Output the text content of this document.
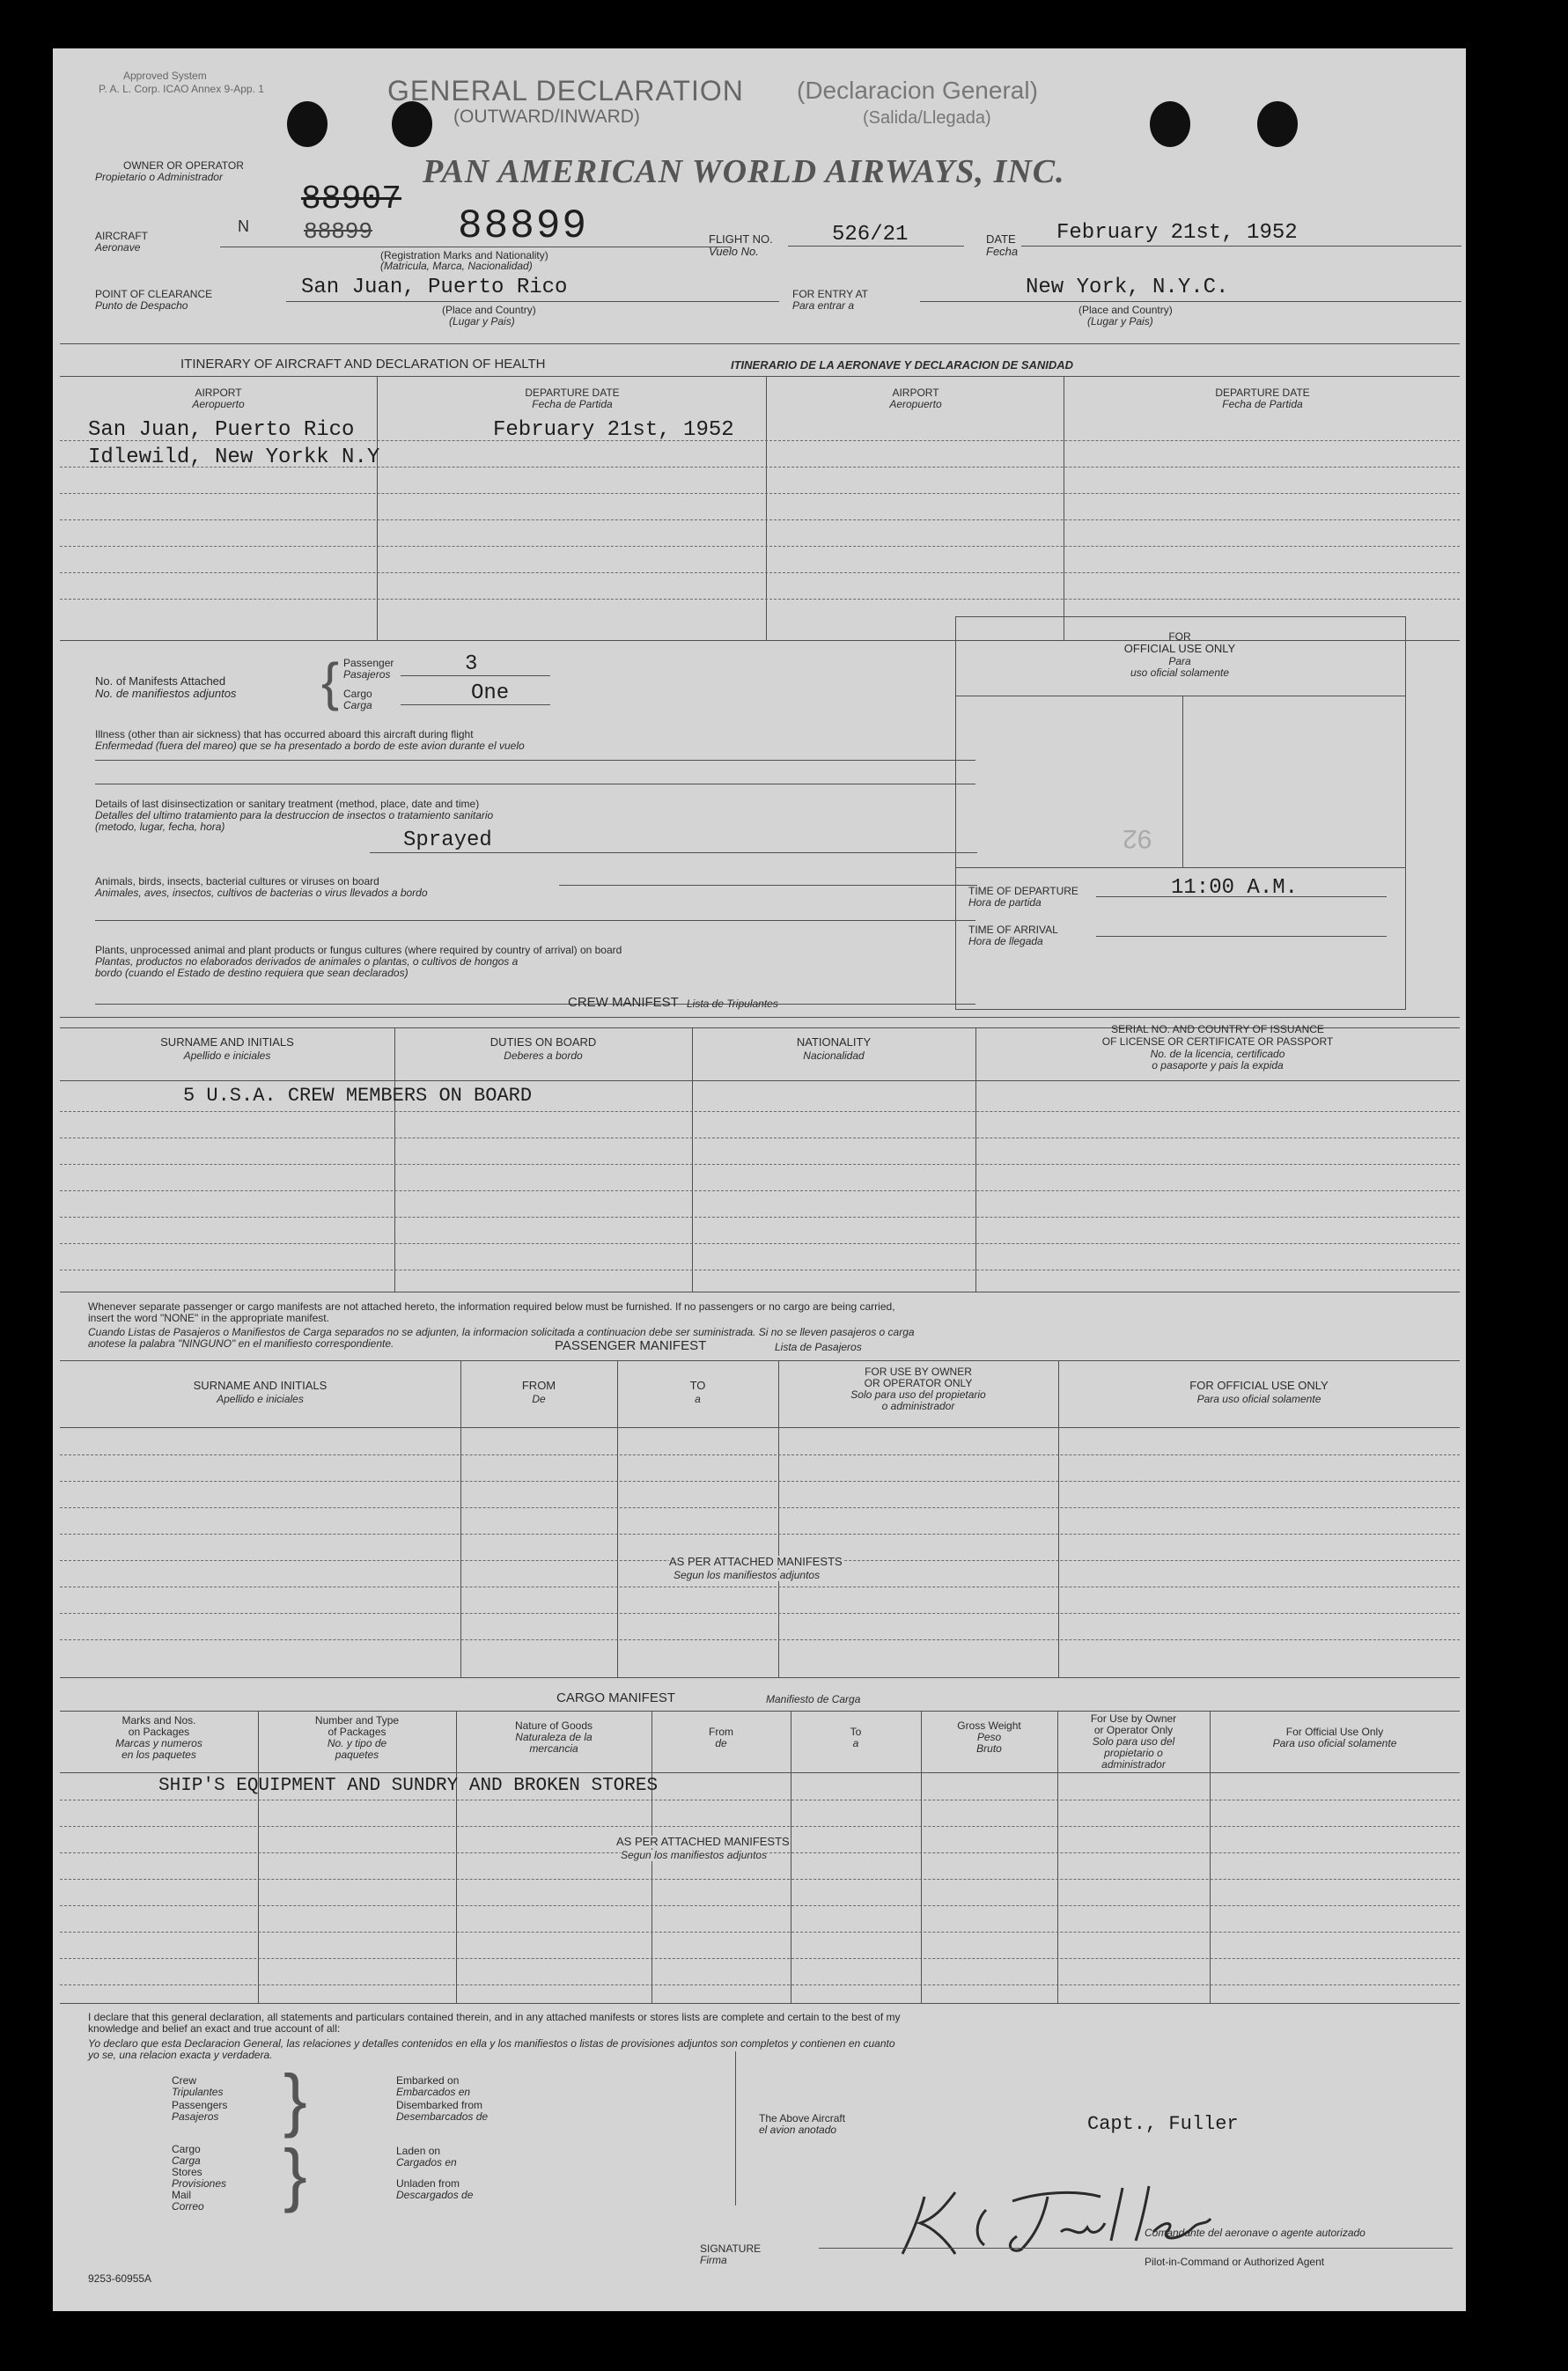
Approved System
P. A. L. Corp. ICAO Annex 9-App. 1	GENERAL DECLARATION (Declaracion General)
(OUTWARD/INWARD)	(Salida/Llegada)
OWNER OR OPERATOR
Propietario o Administrador	PAN AMERICAN WORLD AIRWAYS, INC.
AIRCRAFT
Aeronave
N
88907
88899 88899
(Registration Marks and Nationality)
(Matricula, Marca, Nacionalidad)
FLIGHT NO.
Vuelo No.
526/21	DATE
Fecha
February 21st, 1952
POINT OF CLEARANCE
Punto de Despacho
San Juan, Puerto Rico
(Place and Country)
(Lugar y Pais)
FOR ENTRY AT
Para entrar a
New York, N.Y.C.
(Place and Country)
(Lugar y Pais)
ITINERARY OF AIRCRAFT AND DECLARATION OF HEALTH	ITINERARIO DE LA AERONAVE Y DECLARACION DE SANIDAD
AIRPORT
Aeropuerto
DEPARTURE DATE
Fecha de Partida
AIRPORT
Aeropuerto
DEPARTURE DATE
Fecha de Partida
San Juan, Puerto Rico	February 21st, 1952
Idlewild, New Yorkk N.Y
No. of Manifests Attached
No. de manifiestos adjuntos { Passenger
Pasajeros	3
Cargo
Carga	One
Illness (other than air sickness) that has occurred aboard this aircraft during flight
Enfermedad (fuera del mareo) que se ha presentado a bordo de este avion durante el vuelo
Details of last disinsectization or sanitary treatment (method, place, date and time)
Detalles del ultimo tratamiento para la destruccion de insectos o tratamiento sanitario
(metodo, lugar, fecha, hora)
Sprayed
Animals, birds, insects, bacterial cultures or viruses on board
Animales, aves, insectos, cultivos de bacterias o virus llevados a bordo
Plants, unprocessed animal and plant products or fungus cultures (where required by country of arrival) on board
Plantas, productos no elaborados derivados de animales o plantas, o cultivos de hongos a
bordo (cuando el Estado de destino requiera que sean declarados)
FOR
OFFICIAL USE ONLY
Para
uso oficial solamente
92
TIME OF DEPARTURE
Hora de partida
11:00 A.M.
TIME OF ARRIVAL
Hora de llegada
CREW MANIFEST Lista de Tripulantes
SURNAME AND INITIALS
Apellido e iniciales
DUTIES ON BOARD
Deberes a bordo
NATIONALITY
Nacionalidad
SERIAL NO. AND COUNTRY OF ISSUANCE
OF LICENSE OR CERTIFICATE OR PASSPORT
No. de la licencia, certificado
o pasaporte y pais la expida
5 U.S.A. CREW MEMBERS ON BOARD
Whenever separate passenger or cargo manifests are not attached hereto, the information required below must be furnished. If no passengers or no cargo are being carried,
insert the word "NONE" in the appropriate manifest.
Cuando Listas de Pasajeros o Manifiestos de Carga separados no se adjunten, la informacion solicitada a continuacion debe ser suministrada. Si no se lleven pasajeros o carga
anotese la palabra "NINGUNO" en el manifiesto correspondiente.	PASSENGER MANIFEST	Lista de Pasajeros
SURNAME AND INITIALS
Apellido e iniciales
FROM
De
TO
a
FOR USE BY OWNER
OR OPERATOR ONLY
Solo para uso del propietario
o administrador
FOR OFFICIAL USE ONLY
Para uso oficial solamente
AS PER ATTACHED MANIFESTS
Segun los manifiestos adjuntos
CARGO MANIFEST	Manifiesto de Carga
Marks and Nos.
on Packages
Marcas y numeros
en los paquetes
Number and Type
of Packages
No. y tipo de
paquetes
Nature of Goods
Naturaleza de la
mercancia
From
de
To
a
Gross Weight
Peso
Bruto
For Use by Owner
or Operator Only
Solo para uso del
propietario o
administrador
For Official Use Only
Para uso oficial solamente
SHIP'S EQUIPMENT AND SUNDRY AND BROKEN STORES
AS PER ATTACHED MANIFESTS
Segun los manifiestos adjuntos
I declare that this general declaration, all statements and particulars contained therein, and in any attached manifests or stores lists are complete and certain to the best of my
knowledge and belief an exact and true account of all:
Yo declaro que esta Declaracion General, las relaciones y detalles contenidos en ella y los manifiestos o listas de provisiones adjuntos son completos y contienen en cuanto
yo se, una relacion exacta y verdadera.
Crew
Tripulantes
Passengers
Pasajeros }	Embarked on
Embarcados en
Disembarked from
Desembarcados de
Cargo
Carga
Stores
Provisiones
Mail
Correo }	Laden on
Cargados en
Unladen from
Descargados de
The Above Aircraft
el avion anotado	Capt., Fuller
Comandante del aeronave o agente autorizado
SIGNATURE
Firma	Pilot-in-Command or Authorized Agent
9253-60955A
